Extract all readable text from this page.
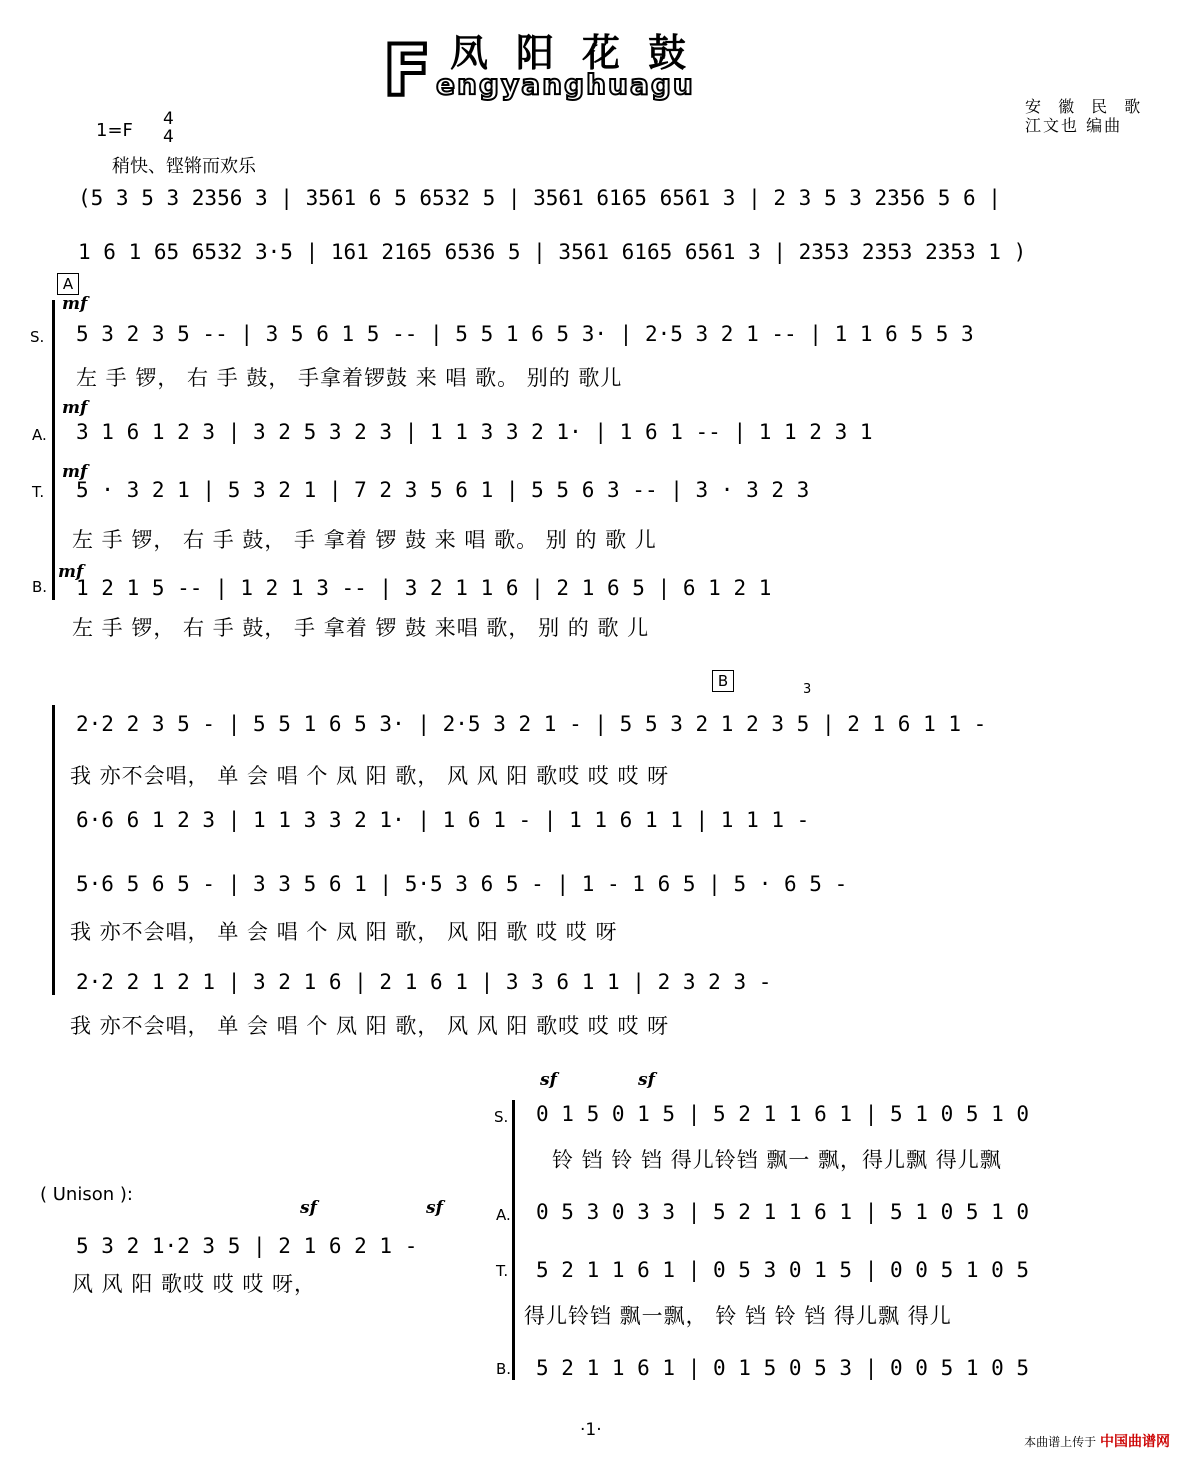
F 凤阳花鼓
engyanghuagu
安 徽 民 歌
江文也 编曲
1=F
4
4
稍快、铿锵而欢乐
(5 3 5 3 2356 3 | 3561 6 5 6532 5 | 3561 6165 6561 3 | 2 3 5 3 2356 5 6 |
1 6 1 65 6532 3·5 | 161 2165 6536 5 | 3561 6165 6561 3 | 2353 2353 2353 1 )
A
mf
S. 5 3 2 3 5 -- | 3 5 6 1 5 -- | 5 5 1 6 5 3· | 2·5 3 2 1 -- | 1 1 6 5 5 3
左 手 锣， 右 手 鼓， 手拿着锣鼓 来 唱 歌。 别的 歌儿
mf
A. 3 1 6 1 2 3 | 3 2 5 3 2 3 | 1 1 3 3 2 1· | 1 6 1 -- | 1 1 2 3 1
mf
T. 5 · 3 2 1 | 5 3 2 1 | 7 2 3 5 6 1 | 5 5 6 3 -- | 3 · 3 2 3
左 手 锣， 右 手 鼓， 手 拿着 锣 鼓 来 唱 歌。 别 的 歌 儿
mf
B. 1 2 1 5 -- | 1 2 1 3 -- | 3 2 1 1 6 | 2 1 6 5 | 6 1 2 1
左 手 锣， 右 手 鼓， 手 拿着 锣 鼓 来唱 歌， 别 的 歌 儿
B	3
2·2 2 3 5 - | 5 5 1 6 5 3· | 2·5 3 2 1 - | 5 5 3 2 1 2 3 5 | 2 1 6 1 1 -
我 亦不会唱， 单 会 唱 个 凤 阳 歌， 风 风 阳 歌哎 哎 哎 呀
6·6 6 1 2 3 | 1 1 3 3 2 1· | 1 6 1 - | 1 1 6 1 1 | 1 1 1 -
5·6 5 6 5 - | 3 3 5 6 1 | 5·5 3 6 5 - | 1 - 1 6 5 | 5 · 6 5 -
我 亦不会唱， 单 会 唱 个 凤 阳 歌， 风 阳 歌 哎 哎 呀
2·2 2 1 2 1 | 3 2 1 6 | 2 1 6 1 | 3 3 6 1 1 | 2 3 2 3 -
我 亦不会唱， 单 会 唱 个 凤 阳 歌， 风 风 阳 歌哎 哎 哎 呀
( Unison ):
sf	sf
5 3 2 1·2 3 5 | 2 1 6 2 1 -
风 风 阳 歌哎 哎 哎 呀，
sf	sf
S. 0 1 5 0 1 5 | 5 2 1 1 6 1 | 5 1 0 5 1 0
铃 铛 铃 铛 得儿铃铛 飘一 飘，得儿飘 得儿飘
A. 0 5 3 0 3 3 | 5 2 1 1 6 1 | 5 1 0 5 1 0
T. 5 2 1 1 6 1 | 0 5 3 0 1 5 | 0 0 5 1 0 5
得儿铃铛 飘一飘， 铃 铛 铃 铛 得儿飘 得儿
B. 5 2 1 1 6 1 | 0 1 5 0 5 3 | 0 0 5 1 0 5
·1·
本曲谱上传于 中国曲谱网
